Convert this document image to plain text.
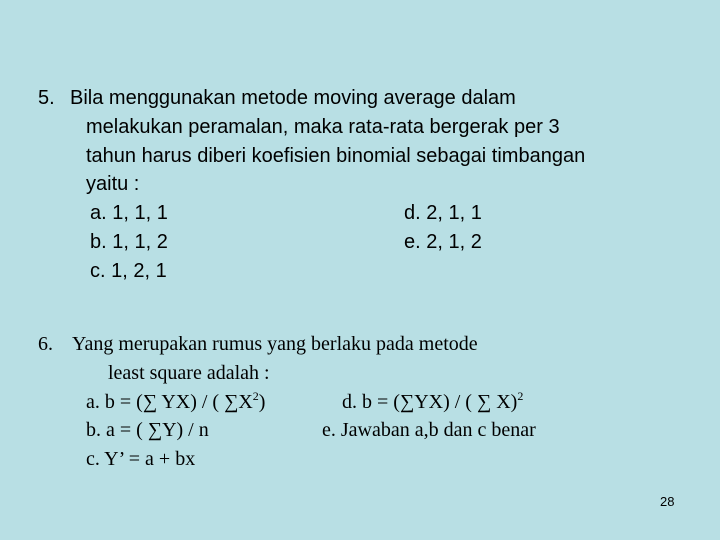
5. Bila menggunakan metode moving average dalam
melakukan peramalan, maka rata-rata bergerak per 3
tahun harus diberi koefisien binomial sebagai timbangan
yaitu :
a. 1, 1, 1	d. 2, 1, 1
b. 1, 1, 2	e. 2, 1, 2
c. 1, 2, 1
6. Yang merupakan rumus yang berlaku pada metode
least square adalah :
a. b = (∑ YX) / ( $\sum X^2$)	d. b = (∑YX) / ( ∑ X)$^2$
b. a = ( ∑Y) / n	e. Jawaban a,b dan c benar
c. Y’ = a + bx
28
